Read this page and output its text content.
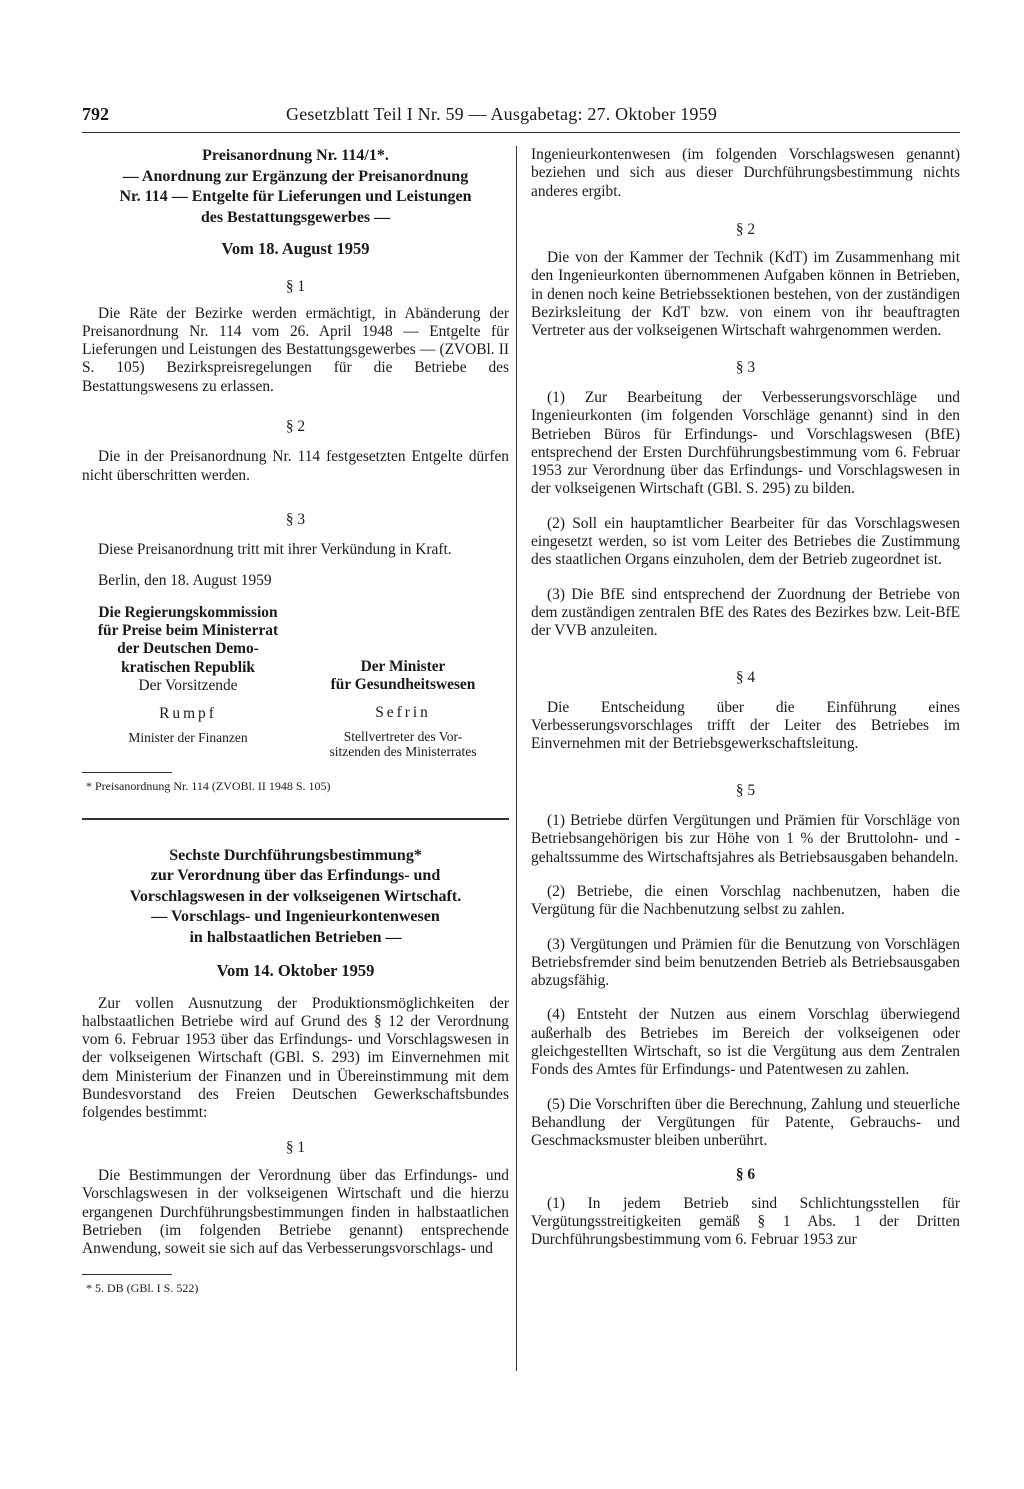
792	Gesetzblatt Teil I Nr. 59 — Ausgabetag: 27. Oktober 1959

Preisanordnung Nr. 114/1*.

— Anordnung zur Ergänzung der Preisanordnung

Nr. 114 — Entgelte für Lieferungen und Leistungen

des Bestattungsgewerbes —

Vom 18. August 1959

§ 1

Die Räte der Bezirke werden ermächtigt, in Abänderung der Preisanordnung Nr. 114 vom 26. April 1948 — Entgelte für Lieferungen und Leistungen des Bestattungsgewerbes — (ZVOBl. II S. 105) Bezirkspreisregelungen für die Betriebe des Bestattungswesens zu erlassen.

§ 2

Die in der Preisanordnung Nr. 114 festgesetzten Entgelte dürfen nicht überschritten werden.

§ 3

Diese Preisanordnung tritt mit ihrer Verkündung in Kraft.

Berlin, den 18. August 1959

Die Regierungskommission
für Preise beim Ministerrat
der Deutschen Demo-
kratischen Republik
Der Vorsitzende
Rumpf
Minister der Finanzen
Der Minister
für Gesundheitswesen
Sefrin
Stellvertreter des Vor-
sitzenden des Ministerrates

* Preisanordnung Nr. 114 (ZVOBl. II 1948 S. 105)

Sechste Durchführungsbestimmung*

zur Verordnung über das Erfindungs- und

Vorschlagswesen in der volkseigenen Wirtschaft.

— Vorschlags- und Ingenieurkontenwesen

in halbstaatlichen Betrieben —

Vom 14. Oktober 1959

Zur vollen Ausnutzung der Produktionsmöglichkeiten der halbstaatlichen Betriebe wird auf Grund des § 12 der Verordnung vom 6. Februar 1953 über das Erfindungs- und Vorschlagswesen in der volkseigenen Wirtschaft (GBl. S. 293) im Einvernehmen mit dem Ministerium der Finanzen und in Übereinstimmung mit dem Bundesvorstand des Freien Deutschen Gewerkschaftsbundes folgendes bestimmt:

§ 1

Die Bestimmungen der Verordnung über das Erfindungs- und Vorschlagswesen in der volkseigenen Wirtschaft und die hierzu ergangenen Durchführungsbestimmungen finden in halbstaatlichen Betrieben (im folgenden Betriebe genannt) entsprechende Anwendung, soweit sie sich auf das Verbesserungsvorschlags- und

* 5. DB (GBl. I S. 522)

Ingenieurkontenwesen (im folgenden Vorschlagswesen genannt) beziehen und sich aus dieser Durchführungsbestimmung nichts anderes ergibt.

§ 2

Die von der Kammer der Technik (KdT) im Zusammenhang mit den Ingenieurkonten übernommenen Aufgaben können in Betrieben, in denen noch keine Betriebssektionen bestehen, von der zuständigen Bezirksleitung der KdT bzw. von einem von ihr beauftragten Vertreter aus der volkseigenen Wirtschaft wahrgenommen werden.

§ 3

(1) Zur Bearbeitung der Verbesserungsvorschläge und Ingenieurkonten (im folgenden Vorschläge genannt) sind in den Betrieben Büros für Erfindungs- und Vorschlagswesen (BfE) entsprechend der Ersten Durchführungsbestimmung vom 6. Februar 1953 zur Verordnung über das Erfindungs- und Vorschlagswesen in der volkseigenen Wirtschaft (GBl. S. 295) zu bilden.

(2) Soll ein hauptamtlicher Bearbeiter für das Vorschlagswesen eingesetzt werden, so ist vom Leiter des Betriebes die Zustimmung des staatlichen Organs einzuholen, dem der Betrieb zugeordnet ist.

(3) Die BfE sind entsprechend der Zuordnung der Betriebe von dem zuständigen zentralen BfE des Rates des Bezirkes bzw. Leit-BfE der VVB anzuleiten.

§ 4

Die Entscheidung über die Einführung eines Verbesserungsvorschlages trifft der Leiter des Betriebes im Einvernehmen mit der Betriebsgewerkschaftsleitung.

§ 5

(1) Betriebe dürfen Vergütungen und Prämien für Vorschläge von Betriebsangehörigen bis zur Höhe von 1 % der Bruttolohn- und -gehaltssumme des Wirtschaftsjahres als Betriebsausgaben behandeln.

(2) Betriebe, die einen Vorschlag nachbenutzen, haben die Vergütung für die Nachbenutzung selbst zu zahlen.

(3) Vergütungen und Prämien für die Benutzung von Vorschlägen Betriebsfremder sind beim benutzenden Betrieb als Betriebsausgaben abzugsfähig.

(4) Entsteht der Nutzen aus einem Vorschlag überwiegend außerhalb des Betriebes im Bereich der volkseigenen oder gleichgestellten Wirtschaft, so ist die Vergütung aus dem Zentralen Fonds des Amtes für Erfindungs- und Patentwesen zu zahlen.

(5) Die Vorschriften über die Berechnung, Zahlung und steuerliche Behandlung der Vergütungen für Patente, Gebrauchs- und Geschmacksmuster bleiben unberührt.

§ 6

(1) In jedem Betrieb sind Schlichtungsstellen für Vergütungsstreitigkeiten gemäß § 1 Abs. 1 der Dritten Durchführungsbestimmung vom 6. Februar 1953 zur
